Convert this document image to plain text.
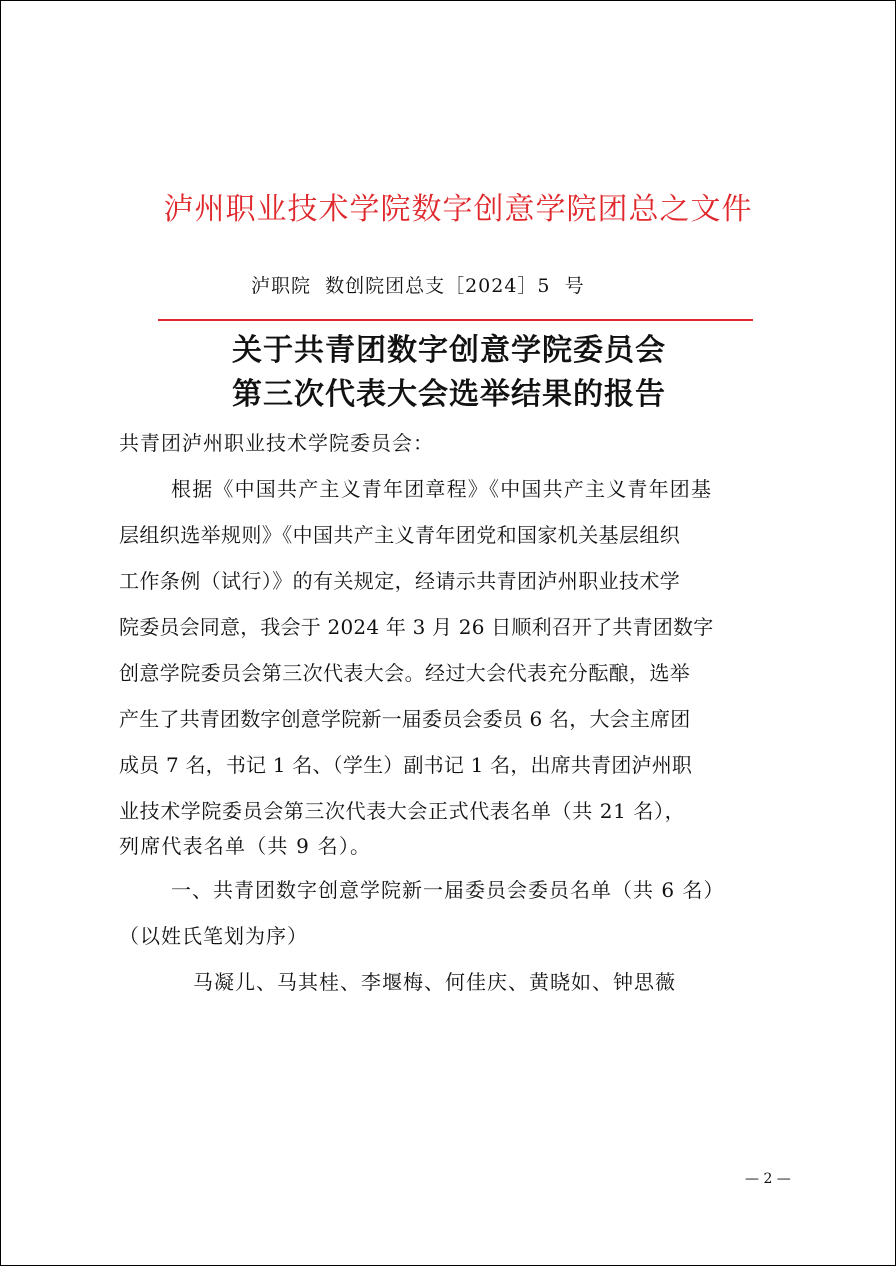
泸州职业技术学院数字创意学院团总之文件
泸职院  数创院团总支［2024］5  号
关于共青团数字创意学院委员会
第三次代表大会选举结果的报告
共青团泸州职业技术学院委员会：
根据《中国共产主义青年团章程》《中国共产主义青年团基
层组织选举规则》《中国共产主义青年团党和国家机关基层组织
工作条例（试行）》的有关规定，经请示共青团泸州职业技术学
院委员会同意，我会于 2024 年 3 月 26 日顺利召开了共青团数字
创意学院委员会第三次代表大会。经过大会代表充分酝酿，选举
产生了共青团数字创意学院新一届委员会委员 6 名，大会主席团
成员 7 名，书记 1 名、（学生）副书记 1 名，出席共青团泸州职
业技术学院委员会第三次代表大会正式代表名单（共 21 名），
列席代表名单（共 9 名）。
一、共青团数字创意学院新一届委员会委员名单（共 6 名）
（以姓氏笔划为序）
马凝儿、马其桂、李堰梅、何佳庆、黄晓如、钟思薇
— 2 —
